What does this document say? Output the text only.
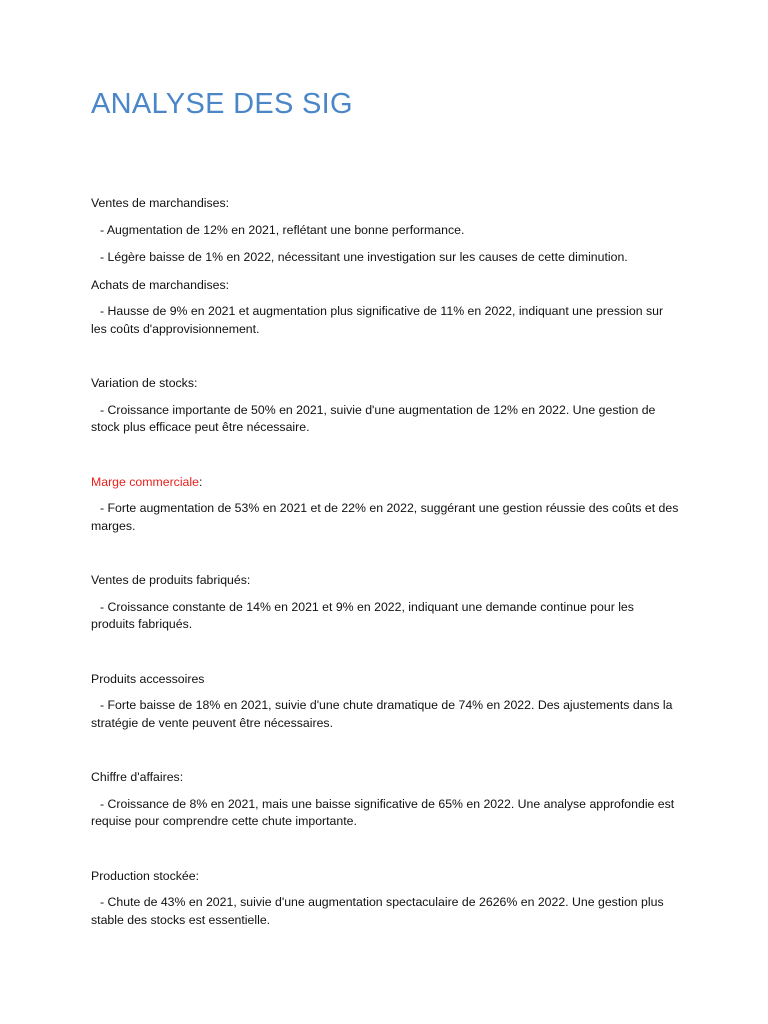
ANALYSE DES SIG

Ventes de marchandises:

- Augmentation de 12% en 2021, reflétant une bonne performance.

- Légère baisse de 1% en 2022, nécessitant une investigation sur les causes de cette diminution.

Achats de marchandises:

- Hausse de 9% en 2021 et augmentation plus significative de 11% en 2022, indiquant une pression sur les coûts d'approvisionnement.

Variation de stocks:

- Croissance importante de 50% en 2021, suivie d'une augmentation de 12% en 2022. Une gestion de stock plus efficace peut être nécessaire.

Marge commerciale:

- Forte augmentation de 53% en 2021 et de 22% en 2022, suggérant une gestion réussie des coûts et des marges.

Ventes de produits fabriqués:

- Croissance constante de 14% en 2021 et 9% en 2022, indiquant une demande continue pour les produits fabriqués.

Produits accessoires

- Forte baisse de 18% en 2021, suivie d'une chute dramatique de 74% en 2022. Des ajustements dans la stratégie de vente peuvent être nécessaires.

Chiffre d'affaires:

- Croissance de 8% en 2021, mais une baisse significative de 65% en 2022. Une analyse approfondie est requise pour comprendre cette chute importante.

Production stockée:

- Chute de 43% en 2021, suivie d'une augmentation spectaculaire de 2626% en 2022. Une gestion plus stable des stocks est essentielle.
